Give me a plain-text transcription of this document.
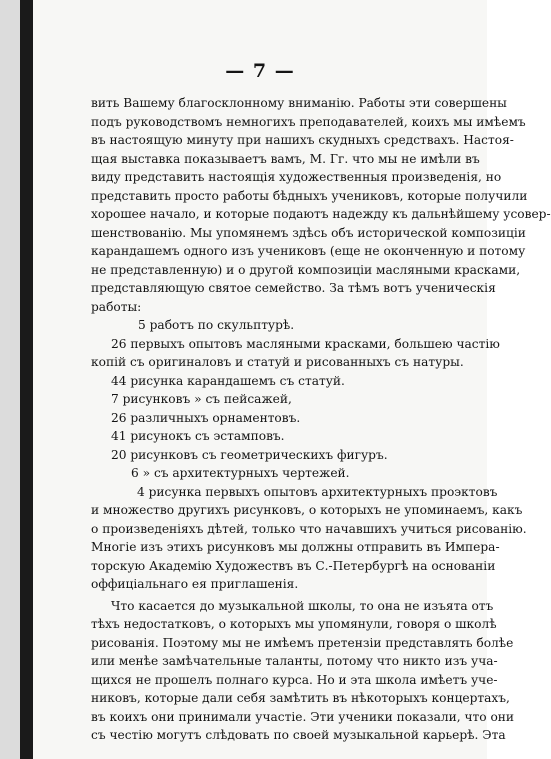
— 7 —
вить Вашему благосклонному вниманію. Работы эти совершены
подъ руководствомъ немногихъ преподавателей, коихъ мы имѣемъ
въ настоящую минуту при нашихъ скудныхъ средствахъ. Настоя-
щая выставка показываетъ вамъ, М. Гг. что мы не имѣли въ
виду представить настоящія художественныя произведенія, но
представить просто работы бѣдныхъ учениковъ, которые получили
хорошее начало, и которые подаютъ надежду къ дальнѣйшему усовер-
шенствованію. Мы упомянемъ здѣсь объ исторической композиціи
карандашемъ одного изъ учениковъ (еще не оконченную и потому
не представленную) и о другой композиціи масляными красками,
представляющую святое семейство. За тѣмъ вотъ ученическія
работы:
5 работъ по скульптурѣ.
26 первыхъ опытовъ масляными красками, большею частію
копій съ оригиналовъ и статуй и рисованныхъ съ натуры.
44 рисунка карандашемъ съ статуй.
7 рисунковъ » съ пейсажей,
26 различныхъ орнаментовъ.
41 рисунокъ съ эстамповъ.
20 рисунковъ съ геометрическихъ фигуръ.
6 » съ архитектурныхъ чертежей.
4 рисунка первыхъ опытовъ архитектурныхъ проэктовъ
и множество другихъ рисунковъ, о которыхъ не упоминаемъ, какъ
о произведеніяхъ дѣтей, только что начавшихъ учиться рисованію.
Многіе изъ этихъ рисунковъ мы должны отправить въ Импера-
торскую Академію Художествъ въ С.-Петербургѣ на основаніи
оффиціальнаго ея приглашенія.
Что касается до музыкальной школы, то она не изъята отъ
тѣхъ недостатковъ, о которыхъ мы упомянули, говоря о школѣ
рисованія. Поэтому мы не имѣемъ претензіи представлять болѣе
или менѣе замѣчательные таланты, потому что никто изъ уча-
щихся не прошелъ полнаго курса. Но и эта школа имѣетъ уче-
никовъ, которые дали себя замѣтить въ нѣкоторыхъ концертахъ,
въ коихъ они принимали участіе. Эти ученики показали, что они
съ честію могутъ слѣдовать по своей музыкальной карьерѣ. Эта
